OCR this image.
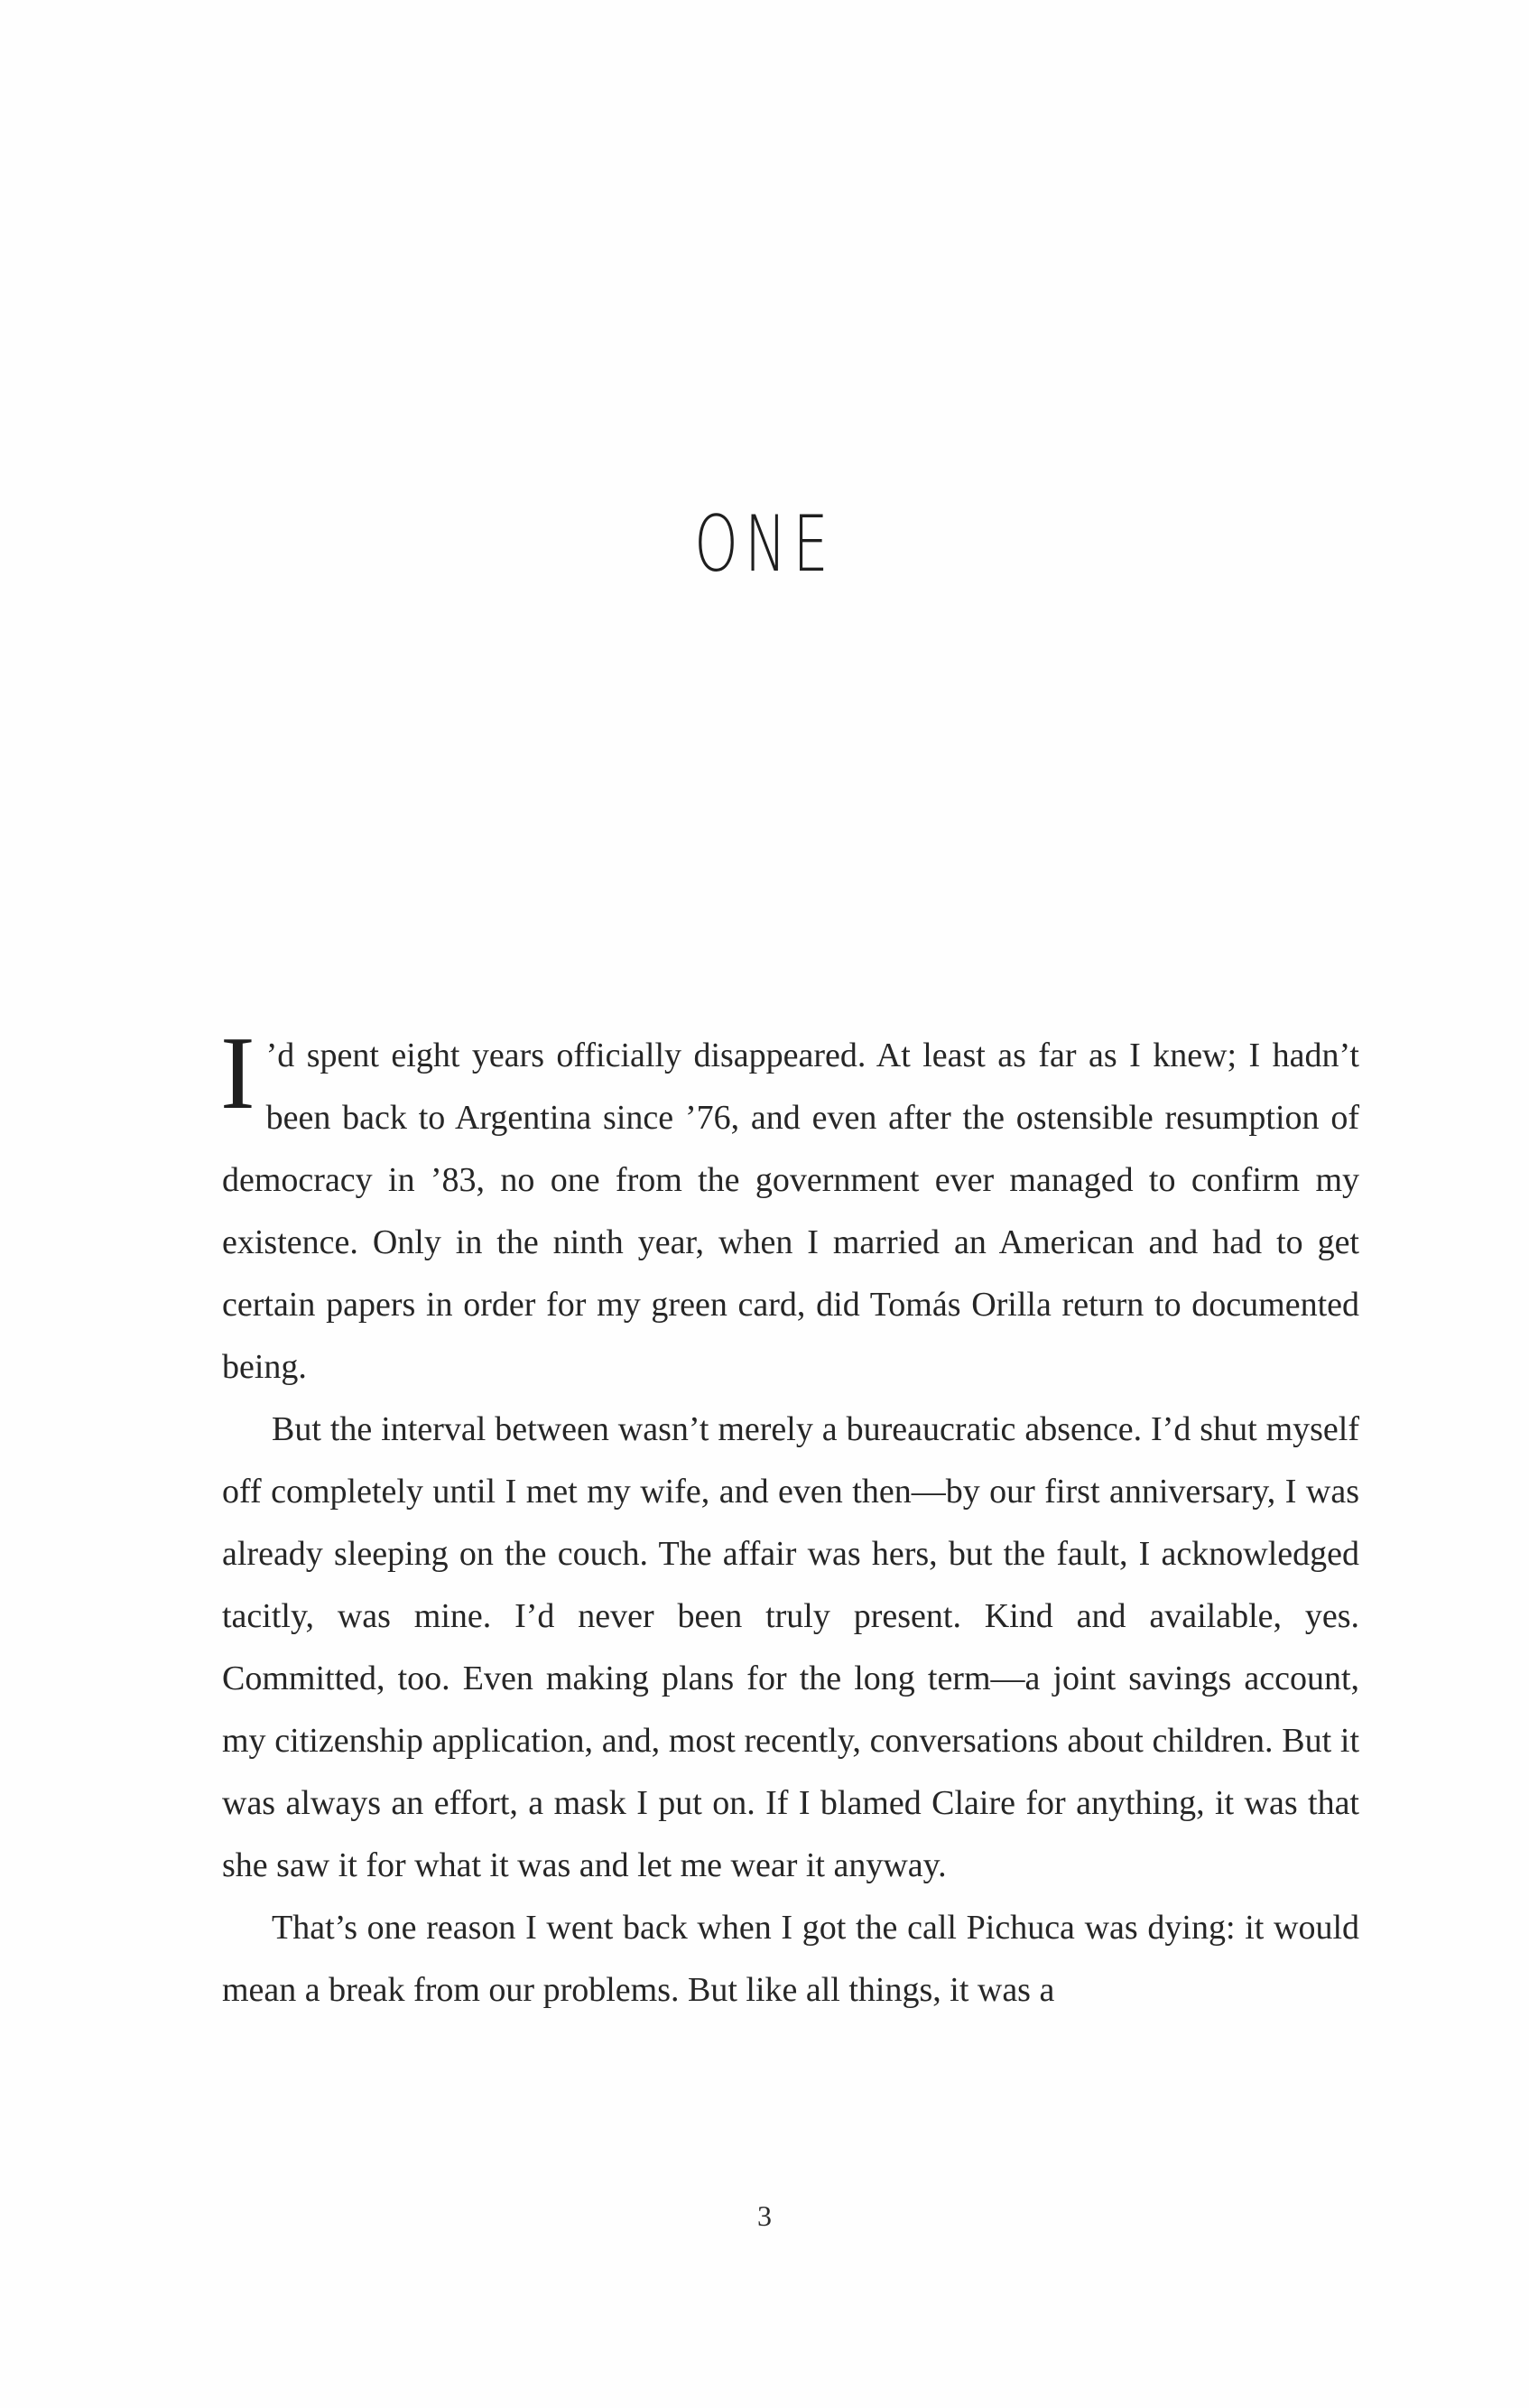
ONE

I ’d spent eight years officially disappeared. At least as far as I knew; I hadn’t been back to Argentina since ’76, and even after the ostensible resumption of democracy in ’83, no one from the government ever managed to confirm my existence. Only in the ninth year, when I married an American and had to get certain papers in order for my green card, did Tomás Orilla return to documented being.

But the interval between wasn’t merely a bureaucratic absence. I’d shut myself off completely until I met my wife, and even then—by our first anniversary, I was already sleeping on the couch. The affair was hers, but the fault, I acknowledged tacitly, was mine. I’d never been truly present. Kind and available, yes. Committed, too. Even making plans for the long term—a joint savings account, my citizenship application, and, most recently, conversations about children. But it was always an effort, a mask I put on. If I blamed Claire for anything, it was that she saw it for what it was and let me wear it anyway.

That’s one reason I went back when I got the call Pichuca was dying: it would mean a break from our problems. But like all things, it was a

3
